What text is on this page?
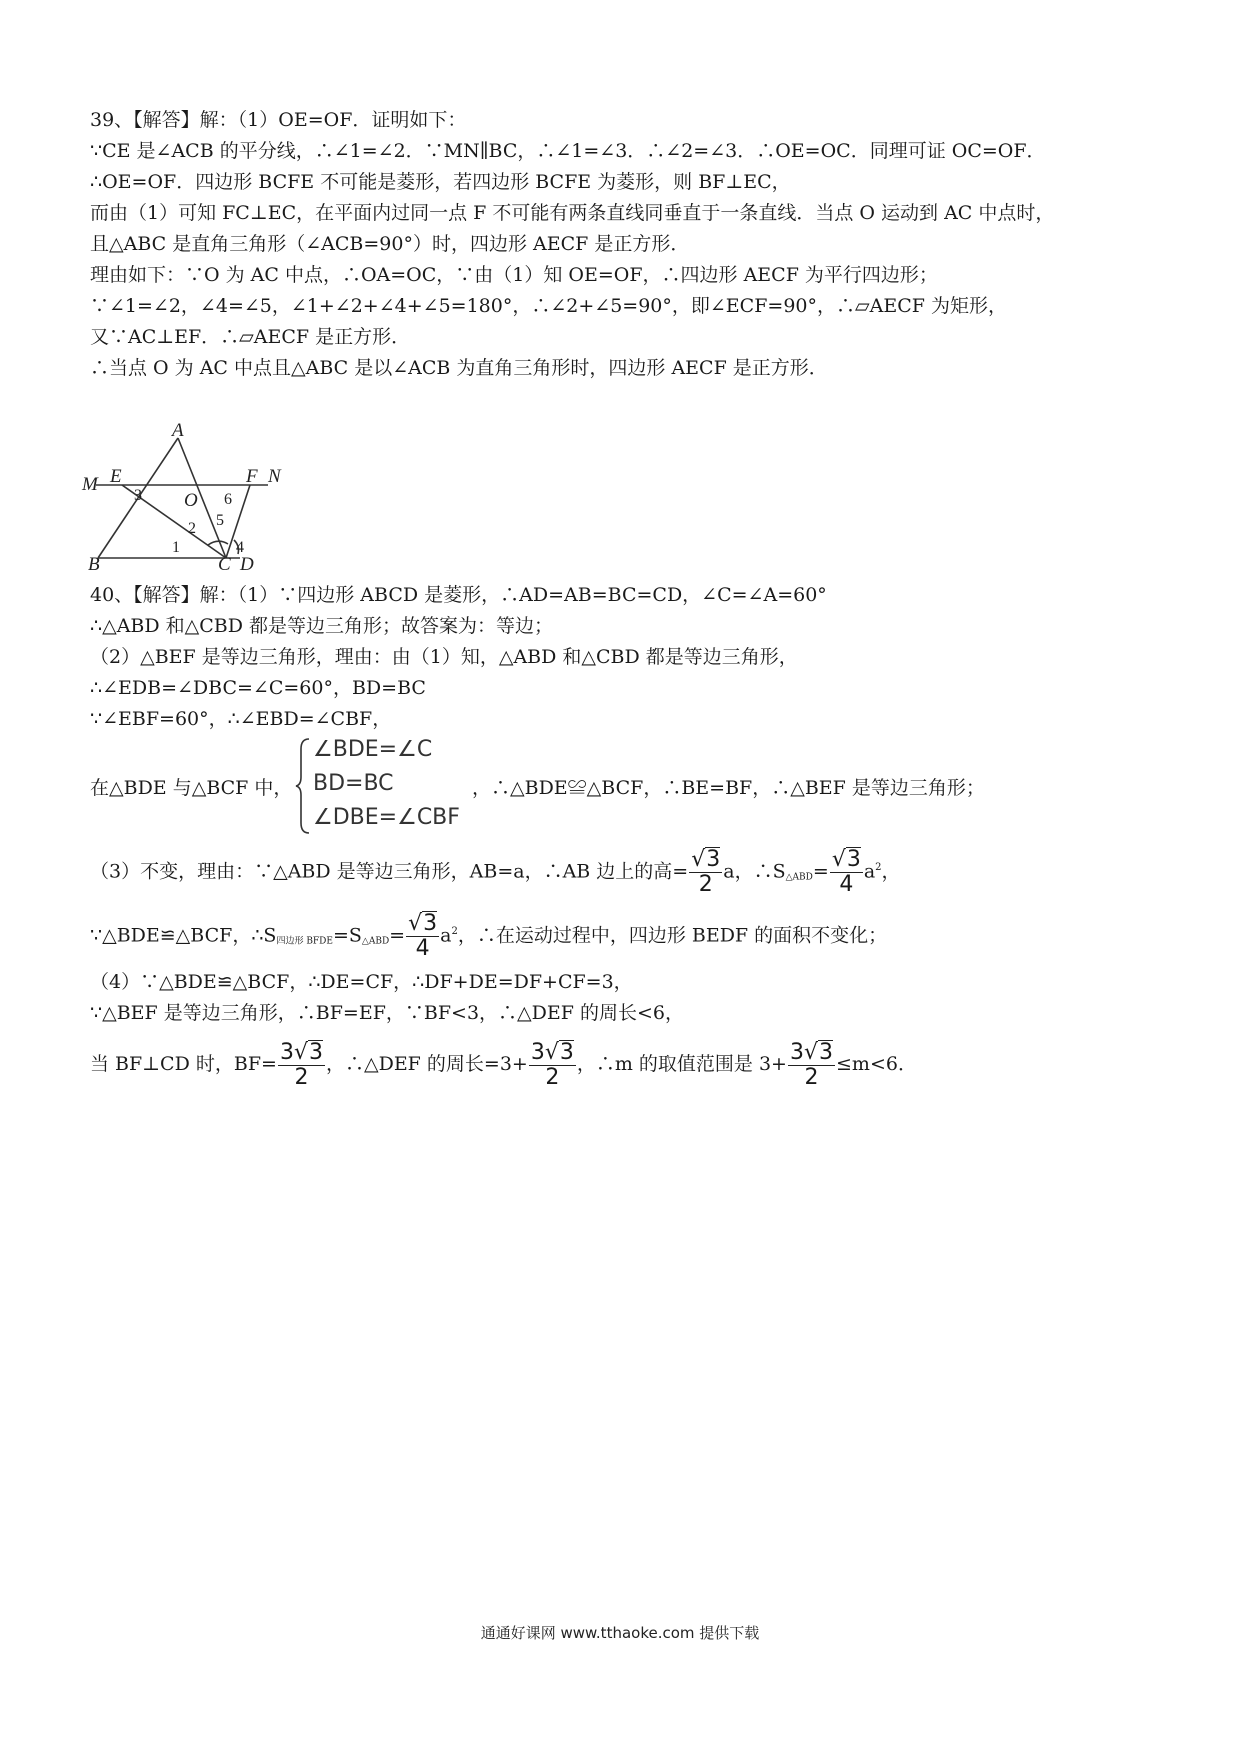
39、【解答】解：（1）OE=OF．证明如下：
∵CE 是∠ACB 的平分线，∴∠1=∠2．∵MN∥BC，∴∠1=∠3．∴∠2=∠3．∴OE=OC．同理可证 OC=OF．
∴OE=OF．四边形 BCFE 不可能是菱形，若四边形 BCFE 为菱形，则 BF⊥EC，
而由（1）可知 FC⊥EC，在平面内过同一点 F 不可能有两条直线同垂直于一条直线．当点 O 运动到 AC 中点时，
且△ABC 是直角三角形（∠ACB=90°）时，四边形 AECF 是正方形．
理由如下：∵O 为 AC 中点，∴OA=OC，∵由（1）知 OE=OF，∴四边形 AECF 为平行四边形；
∵∠1=∠2，∠4=∠5，∠1+∠2+∠4+∠5=180°，∴∠2+∠5=90°，即∠ECF=90°，∴▱AECF 为矩形，
又∵AC⊥EF．∴▱AECF 是正方形．
∴当点 O 为 AC 中点且△ABC 是以∠ACB 为直角三角形时，四边形 AECF 是正方形．
A
M E	F N
O
B	C D
1
2
3
4
5
6
40、【解答】解：（1）∵四边形 ABCD 是菱形，∴AD=AB=BC=CD，∠C=∠A=60°
∴△ABD 和△CBD 都是等边三角形；故答案为：等边；
（2）△BEF 是等边三角形，理由：由（1）知，△ABD 和△CBD 都是等边三角形，
∴∠EDB=∠DBC=∠C=60°，BD=BC
∵∠EBF=60°，∴∠EBD=∠CBF，
在△BDE 与△BCF 中，
∠BDE=∠C
BD=BC
∠DBE=∠CBF
，∴△BDE≌△BCF，∴BE=BF，∴△BEF 是等边三角形；
（3）不变，理由：∵△ABD 是等边三角形，AB=a，∴AB 边上的高= $\frac{√3}{2}$ a，$\therefore S_{\triangle ABD}= \frac{√3}{4} a^2$，
∵△BDE≌△BCF，$\therefore S_{四边形 BFDE}=S_{\triangle ABD}= \frac{√3}{4} a^2$，∴在运动过程中，四边形 BEDF 的面积不变化；
（4）∵△BDE≌△BCF，∴DE=CF，∴DF+DE=DF+CF=3，
∵△BEF 是等边三角形，∴BF=EF，∵BF<3，∴△DEF 的周长<6，
当 BF⊥CD 时，$BF= \frac{3√3}{2}$ ，∴△DEF 的周长$=3+ \frac{3√3}{2}$ ，∴m 的取值范围是 $3+ \frac{3√3}{2} \le m<6$．
通通好课网 www.tthaoke.com 提供下载
